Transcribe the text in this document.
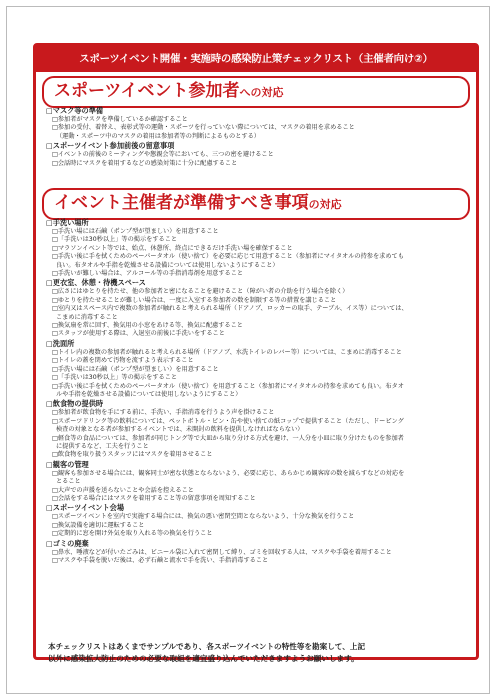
スポーツイベント開催・実施時の感染防止策チェックリスト（主催者向け②）
スポーツイベント参加者への対応
□マスク等の準備
□参加者がマスクを準備しているか確認すること
□参加の受付、着替え、表彰式等の運動・スポーツを行っていない際については、マスクの着用を求めること
（運動・スポーツ中のマスクの着用は参加者等の判断によるものとする）
□スポーツイベント参加前後の留意事項
□イベントの前後のミーティングや懇親会等においても、三つの密を避けること
□会話時にマスクを着用するなどの感染対策に十分に配慮すること
イベント主催者が準備すべき事項の対応
□手洗い場所
□手洗い場には石鹸（ポンプ型が望ましい）を用意すること
□「手洗いは30秒以上」等の掲示をすること
□マラソンイベント等では、始点、休憩所、終点にできるだけ手洗い場を確保すること
□手洗い後に手を拭くためのペーパータオル（使い捨て）を必要に応じて用意すること（参加者にマイタオルの持参を求めても
良い。布タオルや手指を乾燥させる設備については使用しないようにすること）
□手洗いが難しい場合は、アルコール等の手指消毒剤を用意すること
□更衣室、休憩・待機スペース
□広さにはゆとりを持たせ、他の参加者と密になることを避けること（障がい者の介助を行う場合を除く）
□ゆとりを持たせることが難しい場合は、一度に入室する参加者の数を制限する等の措置を講じること
□室内又はスペース内で複数の参加者が触れると考えられる場所（ドアノブ、ロッカーの取手、テーブル、イス等）については、
こまめに消毒すること
□換気扇を常に回す、換気用の小窓をあける等、換気に配慮すること
□スタッフが使用する際は、入退室の前後に手洗いをすること
□洗面所
□トイレ内の複数の参加者が触れると考えられる場所（ドアノブ、水洗トイレのレバー等）については、こまめに消毒すること
□トイレの蓋を閉めて汚物を流すよう表示すること
□手洗い場には石鹸（ポンプ型が望ましい）を用意すること
□「手洗いは30秒以上」等の掲示をすること
□手洗い後に手を拭くためのペーパータオル（使い捨て）を用意すること（参加者にマイタオルの持参を求めても良い。布タオ
ルや手指を乾燥させる設備については使用しないようにすること）
□飲食物の提供時
□参加者が飲食物を手にする前に、手洗い、手指消毒を行うよう声を掛けること
□スポーツドリンク等の飲料については、ペットボトル・ビン・缶や使い捨ての紙コップで提供すること（ただし、ドーピング
検査の対象となる者が参加するイベントでは、未開封の飲料を提供しなければならない）
□軽食等の食品については、参加者が同じトング等で大皿から取り分ける方式を避け、一人分を小皿に取り分けたものを参加者
に提供するなど、工夫を行うこと
□飲食物を取り扱うスタッフにはマスクを着用させること
□観客の管理
□観客も参加させる場合には、観客同士が密な状態とならないよう、必要に応じ、あらかじめ観客席の数を減らすなどの対応を
とること
□大声での声援を送らないことや会話を控えること
□会話をする場合にはマスクを着用すること等の留意事項を周知すること
□スポーツイベント会場
□スポーツイベントを室内で実施する場合には、換気の悪い密閉空間とならないよう、十分な換気を行うこと
□換気設備を適切に運転すること
□定期的に窓を開け外気を取り入れる等の換気を行うこと
□ゴミの廃棄
□鼻水、唾液などが付いたごみは、ビニール袋に入れて密閉して縛り、ゴミを回収する人は、マスクや手袋を着用すること
□マスクや手袋を脱いだ後は、必ず石鹸と流水で手を洗い、手指消毒すること
本チェックリストはあくまでサンプルであり、各スポーツイベントの特性等を勘案して、上記
以外に感染拡大防止のための必要な取組を適宜盛り込んでいただきますようお願いします。
